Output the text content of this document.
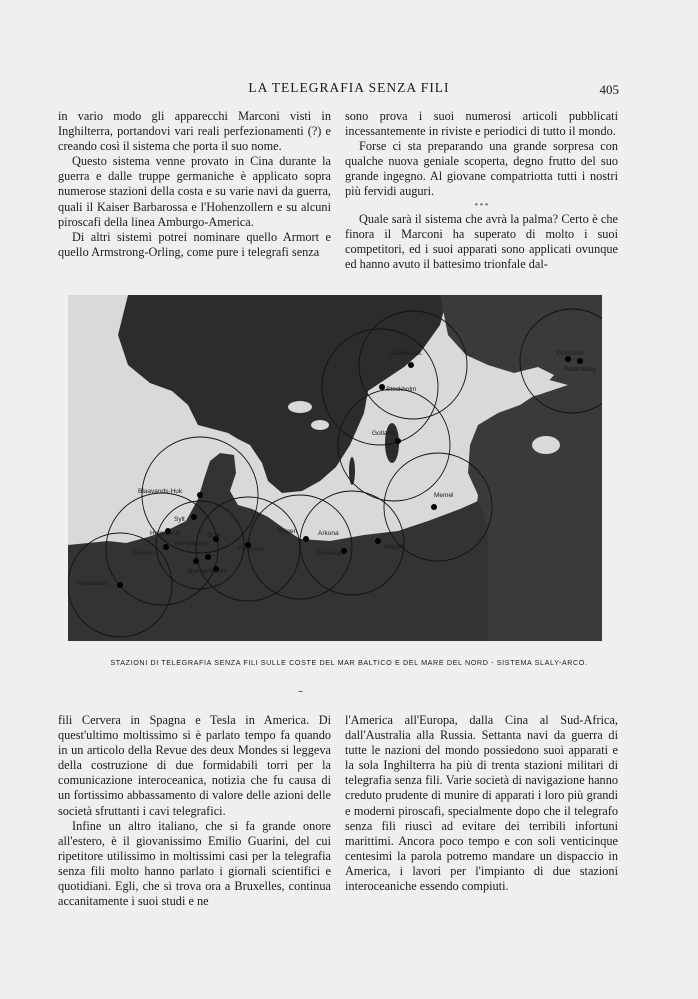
LA TELEGRAFIA SENZA FILI	405

in vario modo gli apparecchi Marconi visti in Inghilterra, portandovi vari reali perfezionamenti (?) e creando così il sistema che porta il suo nome.

Questo sistema venne provato in Cina durante la guerra e dalle truppe germaniche è applicato sopra numerose stazioni della costa e su varie navi da guerra, quali il Kaiser Barbarossa e l'Hohenzollern e su alcuni piroscafi della linea Amburgo-America.

Di altri sistemi potrei nominare quello Armort e quello Armstrong-Orling, come pure i telegrafi senza

sono prova i suoi numerosi articoli pubblicati incessantemente in riviste e periodici di tutto il mondo.

Forse ci sta preparando una grande sorpresa con qualche nuova geniale scoperta, degno frutto del suo grande ingegno. Al giovane compatriotta tutti i nostri più fervidi auguri.

* * *

Quale sarà il sistema che avrà la palma? Certo è che finora il Marconi ha superato di molto i suoi competitori, ed i suoi apparati sono applicati ovunque ed hanno avuto il battesimo trionfale dal-

Alands-Ins.	Kronstadt
Petersburg
Stockholm
Gotland
Blaavands-Huk
Memel
Sylt
Helgoland
Borkum
Wangeroog
Bülk
Fehmarn
Rügen	Arkona
Dorserort
Rixhöft
Amsterdam
Bremerhaven
STAZIONI DI TELEGRAFIA SENZA FILI SULLE COSTE DEL MAR BALTICO E DEL MARE DEL NORD - SISTEMA SLALY-ARCO.
–

fili Cervera in Spagna e Tesla in America. Di quest'ultimo moltissimo si è parlato tempo fa quando in un articolo della Revue des deux Mondes si leggeva della costruzione di due formidabili torri per la comunicazione interoceanica, notizia che fu causa di un fortissimo abbassamento di valore delle azioni delle società sfruttanti i cavi telegrafici.

Infine un altro italiano, che si fa grande onore all'estero, è il giovanissimo Emilio Guarini, del cui ripetitore utilissimo in moltissimi casi per la telegrafia senza fili molto hanno parlato i giornali scientifici e quotidiani. Egli, che si trova ora a Bruxelles, continua accanitamente i suoi studi e ne

l'America all'Europa, dalla Cina al Sud-Africa, dall'Australia alla Russia. Settanta navi da guerra di tutte le nazioni del mondo possiedono suoi apparati e la sola Inghilterra ha più di trenta stazioni militari di telegrafia senza fili. Varie società di navigazione hanno creduto prudente di munire di apparati i loro più grandi e moderni piroscafi, specialmente dopo che il telegrafo senza fili riuscì ad evitare dei terribili infortuni marittimi. Ancora poco tempo e con soli venticinque centesimi la parola potremo mandare un dispaccio in America, i lavori per l'impianto di due stazioni interoceaniche essendo compiuti.
